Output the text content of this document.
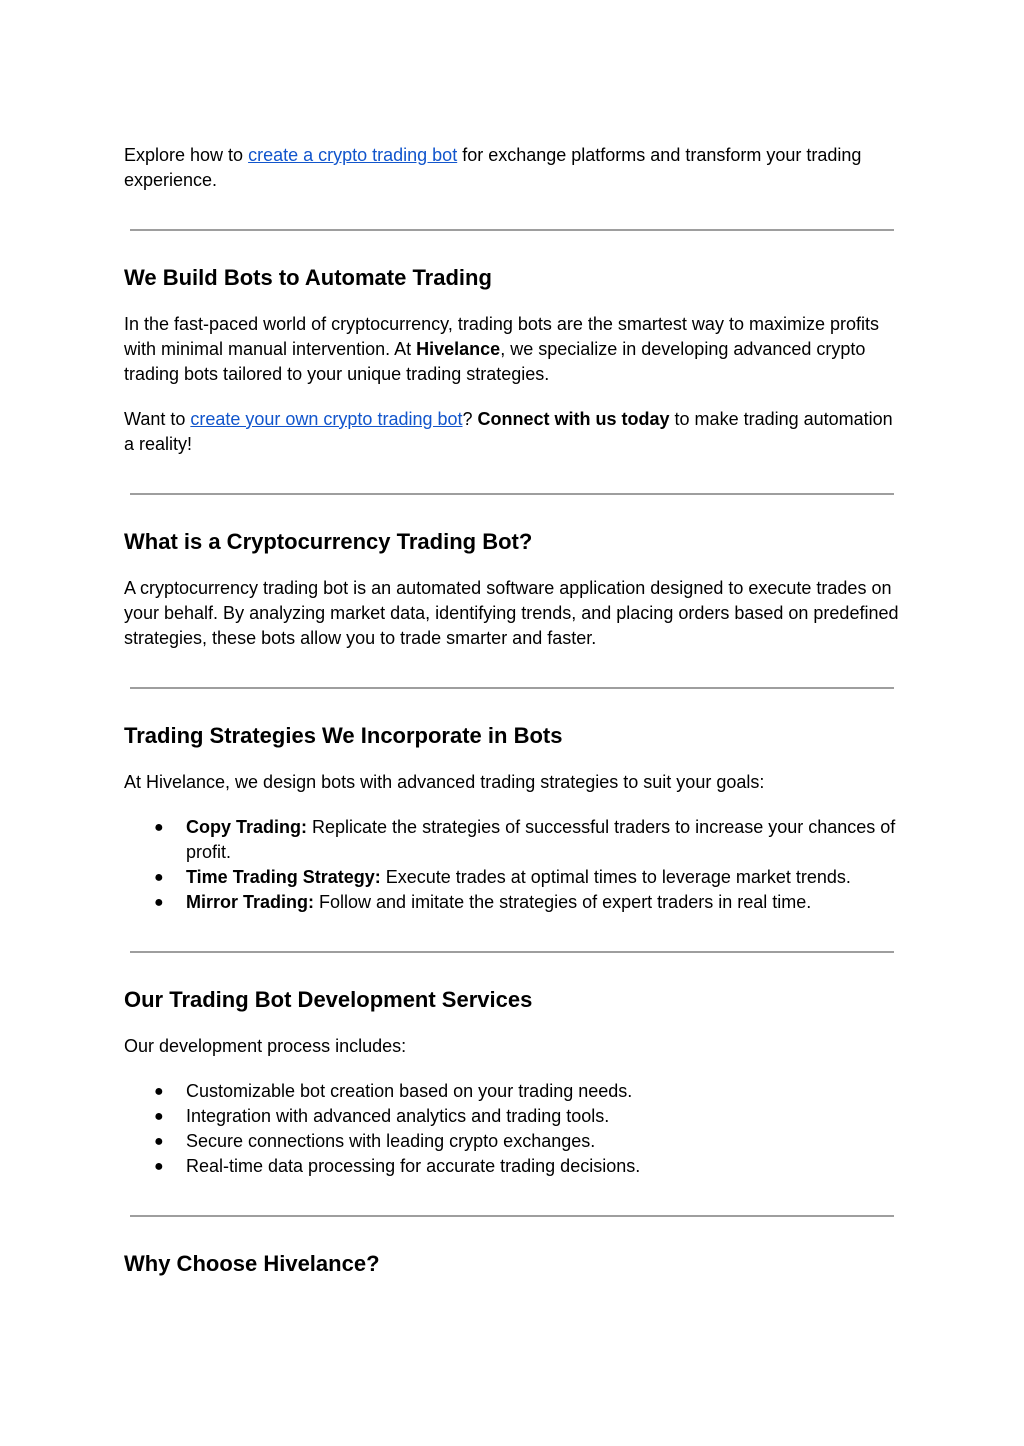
Explore how to create a crypto trading bot for exchange platforms and transform your trading experience.

We Build Bots to Automate Trading

In the fast-paced world of cryptocurrency, trading bots are the smartest way to maximize profits with minimal manual intervention. At Hivelance, we specialize in developing advanced crypto trading bots tailored to your unique trading strategies.

Want to create your own crypto trading bot? Connect with us today to make trading automation a reality!

What is a Cryptocurrency Trading Bot?

A cryptocurrency trading bot is an automated software application designed to execute trades on your behalf. By analyzing market data, identifying trends, and placing orders based on predefined strategies, these bots allow you to trade smarter and faster.

Trading Strategies We Incorporate in Bots

At Hivelance, we design bots with advanced trading strategies to suit your goals:

● Copy Trading: Replicate the strategies of successful traders to increase your chances of profit.
● Time Trading Strategy: Execute trades at optimal times to leverage market trends.
● Mirror Trading: Follow and imitate the strategies of expert traders in real time.
Our Trading Bot Development Services

Our development process includes:

● Customizable bot creation based on your trading needs.
● Integration with advanced analytics and trading tools.
● Secure connections with leading crypto exchanges.
● Real-time data processing for accurate trading decisions.
Why Choose Hivelance?
